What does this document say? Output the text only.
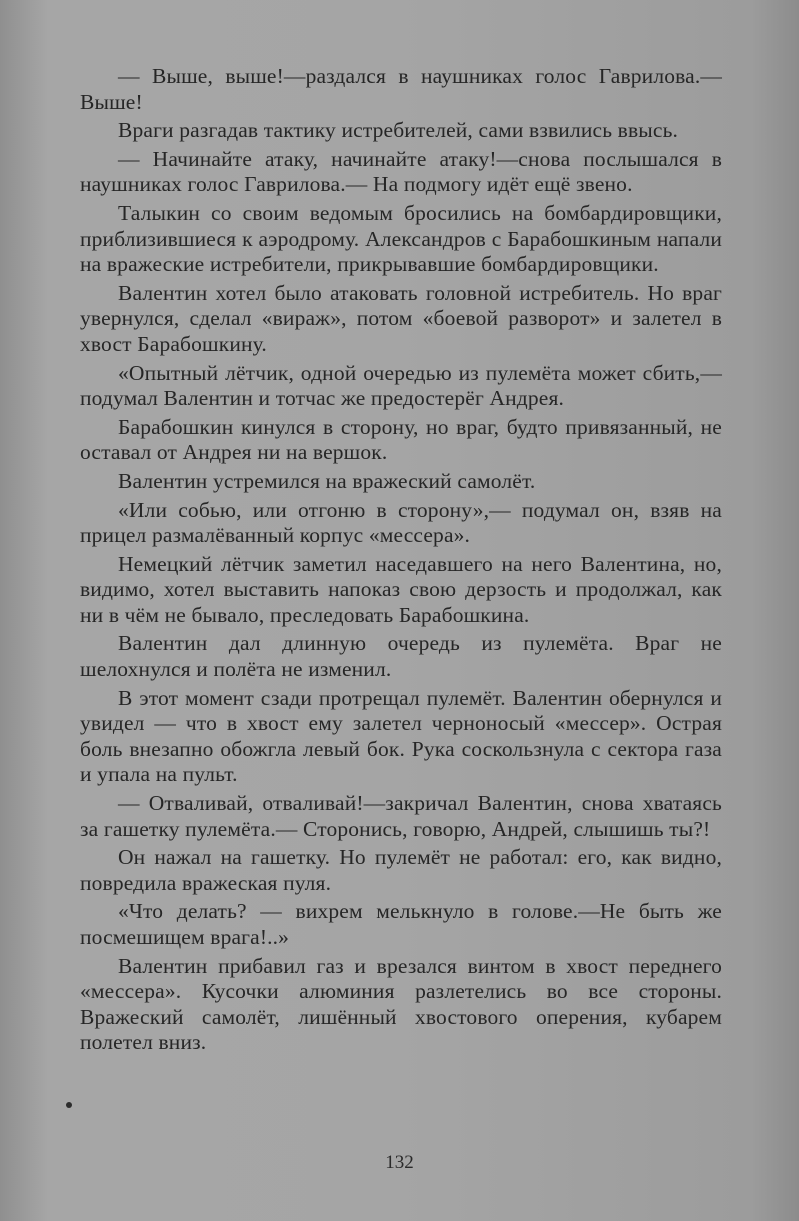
— Выше, выше!—раздался в наушниках голос Гаврилова.— Выше!

Враги разгадав тактику истребителей, сами взвились ввысь.

— Начинайте атаку, начинайте атаку!—снова послышался в наушниках голос Гаврилова.— На подмогу идёт ещё звено.

Талыкин со своим ведомым бросились на бомбардировщики, приблизившиеся к аэродрому. Александров с Барабошкиным напали на вражеские истребители, прикрывавшие бомбардировщики.

Валентин хотел было атаковать головной истребитель. Но враг увернулся, сделал «вираж», потом «боевой разворот» и залетел в хвост Барабошкину.

«Опытный лётчик, одной очередью из пулемёта может сбить,— подумал Валентин и тотчас же предостерёг Андрея.

Барабошкин кинулся в сторону, но враг, будто привязанный, не оставал от Андрея ни на вершок.

Валентин устремился на вражеский самолёт.

«Или собью, или отгоню в сторону»,— подумал он, взяв на прицел размалёванный корпус «мессера».

Немецкий лётчик заметил наседавшего на него Валентина, но, видимо, хотел выставить напоказ свою дерзость и продолжал, как ни в чём не бывало, преследовать Барабошкина.

Валентин дал длинную очередь из пулемёта. Враг не шелохнулся и полёта не изменил.

В этот момент сзади протрещал пулемёт. Валентин обернулся и увидел — что в хвост ему залетел черноносый «мессер». Острая боль внезапно обожгла левый бок. Рука соскользнула с сектора газа и упала на пульт.

— Отваливай, отваливай!—закричал Валентин, снова хватаясь за гашетку пулемёта.— Сторонись, говорю, Андрей, слышишь ты?!

Он нажал на гашетку. Но пулемёт не работал: его, как видно, повредила вражеская пуля.

«Что делать? — вихрем мелькнуло в голове.—Не быть же посмешищем врага!..»

Валентин прибавил газ и врезался винтом в хвост переднего «мессера». Кусочки алюминия разлетелись во все стороны. Вражеский самолёт, лишённый хвостового оперения, кубарем полетел вниз.

132
